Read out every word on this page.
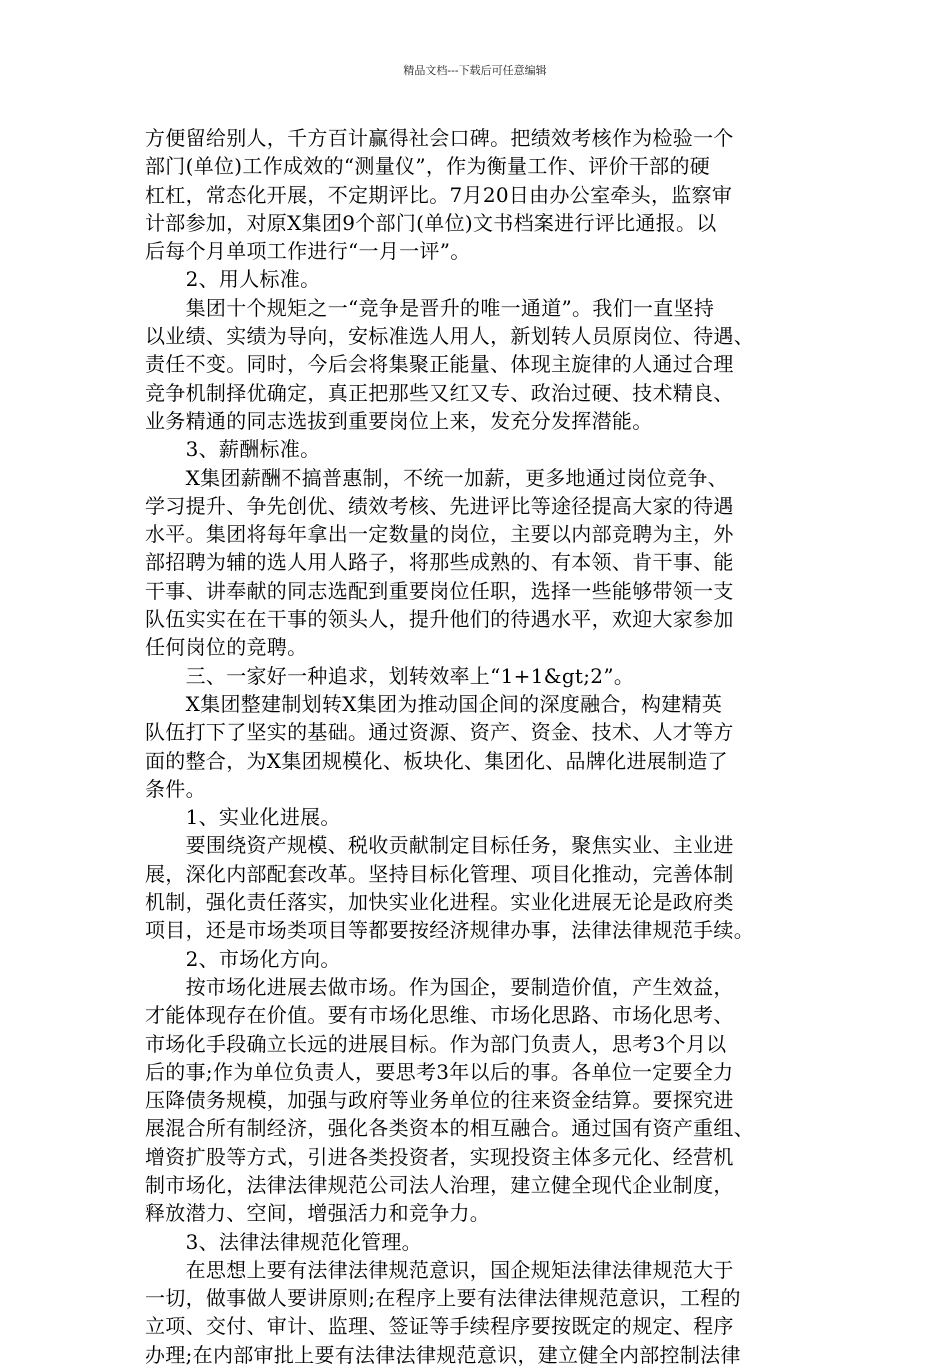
精品文档---下载后可任意编辑
方便留给别人，千方百计赢得社会口碑。把绩效考核作为检验一个
部门(单位)工作成效的“测量仪”，作为衡量工作、评价干部的硬
杠杠，常态化开展，不定期评比。7月20日由办公室牵头，监察审
计部参加，对原X集团9个部门(单位)文书档案进行评比通报。以
后每个月单项工作进行“一月一评”。
　　2、用人标准。
　　集团十个规矩之一“竞争是晋升的唯一通道”。我们一直坚持
以业绩、实绩为导向，安标准选人用人，新划转人员原岗位、待遇、
责任不变。同时，今后会将集聚正能量、体现主旋律的人通过合理
竞争机制择优确定，真正把那些又红又专、政治过硬、技术精良、
业务精通的同志选拔到重要岗位上来，发充分发挥潜能。
　　3、薪酬标准。
　　X集团薪酬不搞普惠制，不统一加薪，更多地通过岗位竞争、
学习提升、争先创优、绩效考核、先进评比等途径提高大家的待遇
水平。集团将每年拿出一定数量的岗位，主要以内部竞聘为主，外
部招聘为辅的选人用人路子，将那些成熟的、有本领、肯干事、能
干事、讲奉献的同志选配到重要岗位任职，选择一些能够带领一支
队伍实实在在干事的领头人，提升他们的待遇水平，欢迎大家参加
任何岗位的竞聘。
　　三、一家好一种追求，划转效率上“1+1&gt;2”。
　　X集团整建制划转X集团为推动国企间的深度融合，构建精英
队伍打下了坚实的基础。通过资源、资产、资金、技术、人才等方
面的整合，为X集团规模化、板块化、集团化、品牌化进展制造了
条件。
　　1、实业化进展。
　　要围绕资产规模、税收贡献制定目标任务，聚焦实业、主业进
展，深化内部配套改革。坚持目标化管理、项目化推动，完善体制
机制，强化责任落实，加快实业化进程。实业化进展无论是政府类
项目，还是市场类项目等都要按经济规律办事，法律法律规范手续。
　　2、市场化方向。
　　按市场化进展去做市场。作为国企，要制造价值，产生效益，
才能体现存在价值。要有市场化思维、市场化思路、市场化思考、
市场化手段确立长远的进展目标。作为部门负责人，思考3个月以
后的事;作为单位负责人，要思考3年以后的事。各单位一定要全力
压降债务规模，加强与政府等业务单位的往来资金结算。要探究进
展混合所有制经济，强化各类资本的相互融合。通过国有资产重组、
增资扩股等方式，引进各类投资者，实现投资主体多元化、经营机
制市场化，法律法律规范公司法人治理，建立健全现代企业制度，
释放潜力、空间，增强活力和竞争力。
　　3、法律法律规范化管理。
　　在思想上要有法律法律规范意识，国企规矩法律法律规范大于
一切，做事做人要讲原则;在程序上要有法律法律规范意识，工程的
立项、交付、审计、监理、签证等手续程序要按既定的规定、程序
办理;在内部审批上要有法律法律规范意识，建立健全内部控制法律
